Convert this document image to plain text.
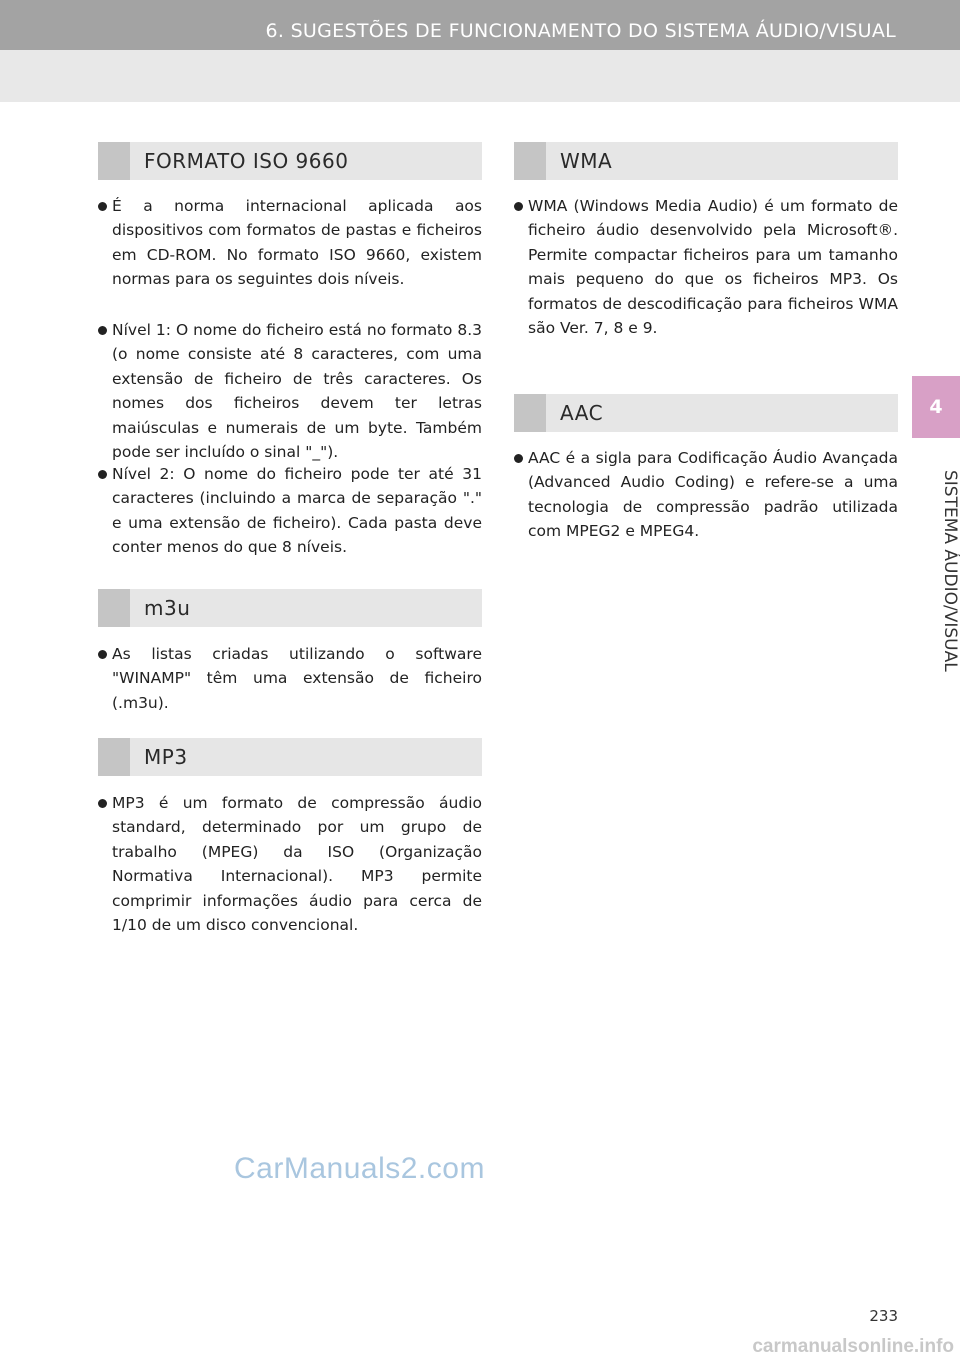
6. SUGESTÕES DE FUNCIONAMENTO DO SISTEMA ÁUDIO/VISUAL
4
SISTEMA ÁUDIO/VISUAL
FORMATO ISO 9660
É a norma internacional aplicada aos dispositivos com formatos de pastas e ficheiros em CD-ROM. No formato ISO 9660, existem normas para os seguintes dois níveis.
Nível 1: O nome do ficheiro está no formato 8.3 (o nome consiste até 8 caracteres, com uma extensão de ficheiro de três caracteres. Os nomes dos ficheiros devem ter letras maiúsculas e numerais de um byte. Também pode ser incluído o sinal "_").
Nível 2: O nome do ficheiro pode ter até 31 caracteres (incluindo a marca de separação "." e uma extensão de ficheiro). Cada pasta deve conter menos do que 8 níveis.
m3u
As listas criadas utilizando o software "WINAMP" têm uma extensão de ficheiro (.m3u).
MP3
MP3 é um formato de compressão áudio standard, determinado por um grupo de trabalho (MPEG) da ISO (Organização Normativa Internacional). MP3 permite comprimir informações áudio para cerca de 1/10 de um disco convencional.
WMA
WMA (Windows Media Audio) é um formato de ficheiro áudio desenvolvido pela Microsoft®. Permite compactar ficheiros para um tamanho mais pequeno do que os ficheiros MP3. Os formatos de descodificação para ficheiros WMA são Ver. 7, 8 e 9.
AAC
AAC é a sigla para Codificação Áudio Avançada (Advanced Audio Coding) e refere-se a uma tecnologia de compressão padrão utilizada com MPEG2 e MPEG4.
CarManuals2.com
233
carmanualsonline.info
